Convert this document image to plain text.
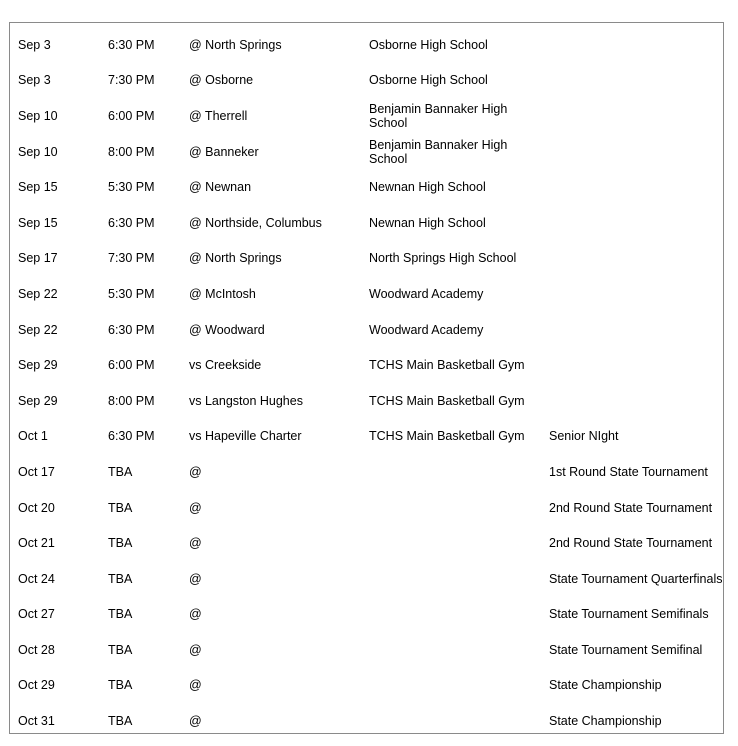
Sep 3	6:30 PM	@ North Springs	Osborne High School	
Sep 3	7:30 PM	@ Osborne	Osborne High School	
Sep 10	6:00 PM	@ Therrell	Benjamin Bannaker High School	
Sep 10	8:00 PM	@ Banneker	Benjamin Bannaker High School	
Sep 15	5:30 PM	@ Newnan	Newnan High School	
Sep 15	6:30 PM	@ Northside, Columbus	Newnan High School	
Sep 17	7:30 PM	@ North Springs	North Springs High School	
Sep 22	5:30 PM	@ McIntosh	Woodward Academy	
Sep 22	6:30 PM	@ Woodward	Woodward Academy	
Sep 29	6:00 PM	vs Creekside	TCHS Main Basketball Gym	
Sep 29	8:00 PM	vs Langston Hughes	TCHS Main Basketball Gym	
Oct 1	6:30 PM	vs Hapeville Charter	TCHS Main Basketball Gym	Senior NIght
Oct 17	TBA	@		1st Round State Tournament
Oct 20	TBA	@		2nd Round State Tournament
Oct 21	TBA	@		2nd Round State Tournament
Oct 24	TBA	@		State Tournament Quarterfinals
Oct 27	TBA	@		State Tournament Semifinals
Oct 28	TBA	@		State Tournament Semifinal
Oct 29	TBA	@		State Championship
Oct 31	TBA	@		State Championship
